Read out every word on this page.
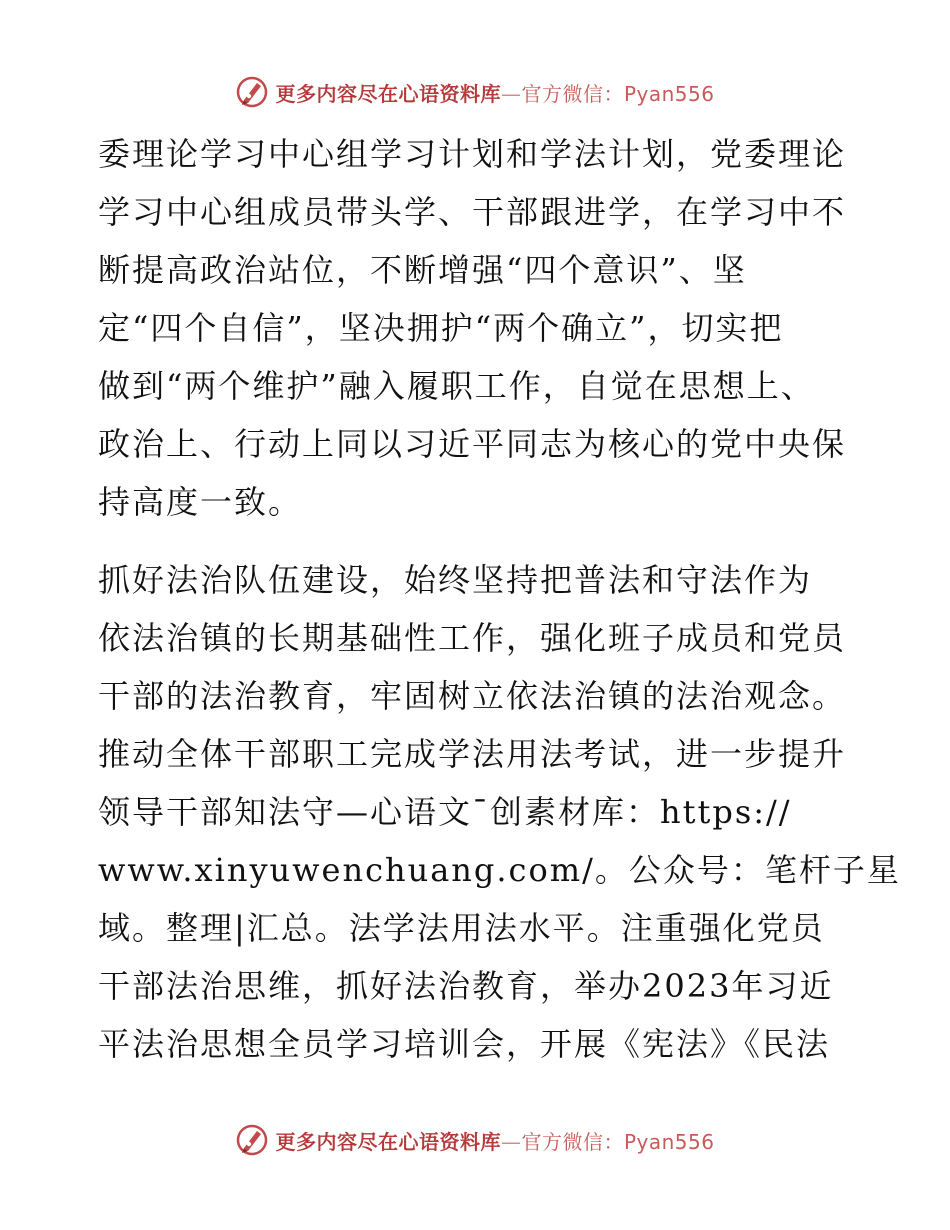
更多内容尽在心语资料库—官方微信：Pyan556
委理论学习中心组学习计划和学法计划，党委理论
学习中心组成员带头学、干部跟进学，在学习中不
断提高政治站位，不断增强“四个意识”、坚
定“四个自信”，坚决拥护“两个确立”，切实把
做到“两个维护”融入履职工作，自觉在思想上、
政治上、行动上同以习近平同志为核心的党中央保
持高度一致。
抓好法治队伍建设，始终坚持把普法和守法作为
依法治镇的长期基础性工作，强化班子成员和党员
干部的法治教育，牢固树立依法治镇的法治观念。
推动全体干部职工完成学法用法考试，进一步提升
领导干部知法守—心语文¯创素材库：https://
www.xinyuwenchuang.com/。公众号：笔杆子星
域。整理|汇总。法学法用法水平。注重强化党员
干部法治思维，抓好法治教育，举办2023年习近
平法治思想全员学习培训会，开展《宪法》《民法
更多内容尽在心语资料库—官方微信：Pyan556
